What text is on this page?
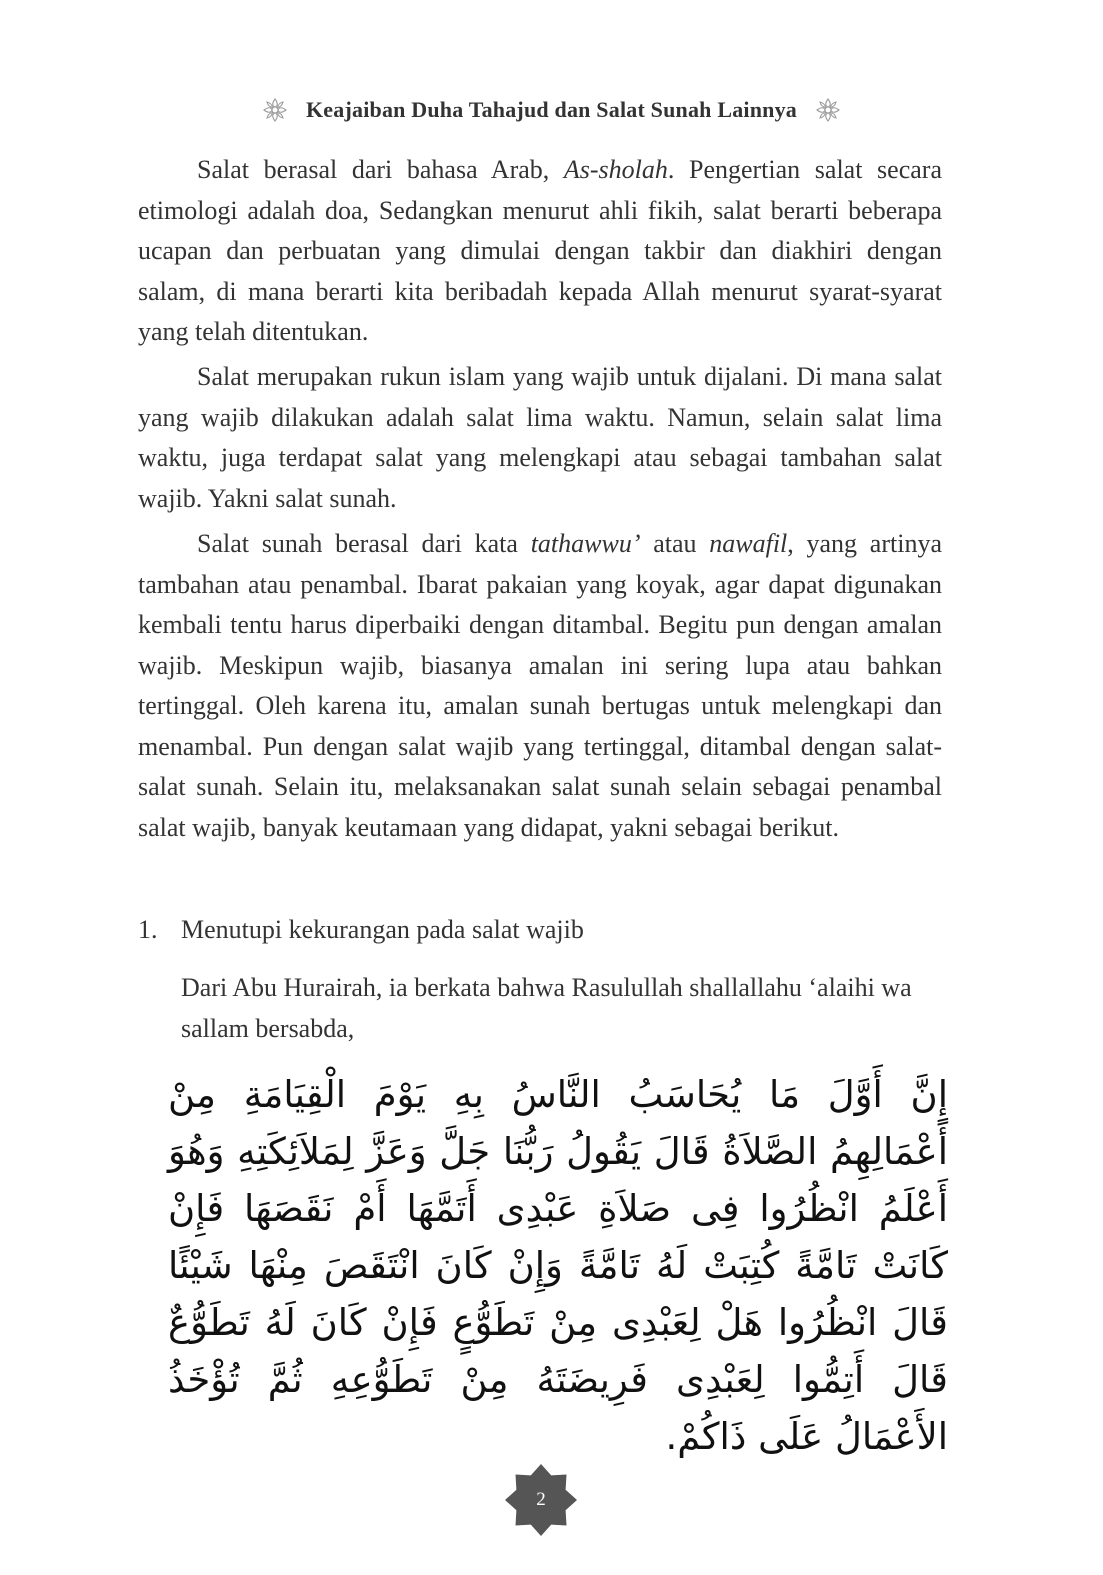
Keajaiban Duha Tahajud dan Salat Sunah Lainnya

Salat berasal dari bahasa Arab, As-sholah. Pengertian salat secara etimologi adalah doa, Sedangkan menurut ahli fikih, salat berarti beberapa ucapan dan perbuatan yang dimulai dengan takbir dan diakhiri dengan salam, di mana berarti kita beribadah kepada Allah menurut syarat-syarat yang telah ditentukan.

Salat merupakan rukun islam yang wajib untuk dijalani. Di mana salat yang wajib dilakukan adalah salat lima waktu. Namun, selain salat lima waktu, juga terdapat salat yang melengkapi atau sebagai tambahan salat wajib. Yakni salat sunah.

Salat sunah berasal dari kata tathawwu’ atau nawafil, yang artinya tambahan atau penambal. Ibarat pakaian yang koyak, agar dapat digunakan kembali tentu harus diperbaiki dengan ditambal. Begitu pun dengan amalan wajib. Meskipun wajib, biasanya amalan ini sering lupa atau bahkan tertinggal. Oleh karena itu, amalan sunah bertugas untuk melengkapi dan menambal. Pun dengan salat wajib yang tertinggal, ditambal dengan salat-salat sunah. Selain itu, melaksanakan salat sunah selain sebagai penambal salat wajib, banyak keutamaan yang didapat, yakni sebagai berikut.

1. Menutupi kekurangan pada salat wajib
Dari Abu Hurairah, ia berkata bahwa Rasulullah shallallahu ‘alaihi wa sallam bersabda,
إِنَّ أَوَّلَ مَا يُحَاسَبُ النَّاسُ بِهِ يَوْمَ الْقِيَامَةِ مِنْ أَعْمَالِهِمُ الصَّلاَةُ قَالَ يَقُولُ رَبُّنَا جَلَّ وَعَزَّ لِمَلاَئِكَتِهِ وَهُوَ أَعْلَمُ انْظُرُوا فِى صَلاَةِ عَبْدِى أَتَمَّهَا أَمْ نَقَصَهَا فَإِنْ كَانَتْ تَامَّةً كُتِبَتْ لَهُ تَامَّةً وَإِنْ كَانَ انْتَقَصَ مِنْهَا شَيْئًا قَالَ انْظُرُوا هَلْ لِعَبْدِى مِنْ تَطَوُّعٍ فَإِنْ كَانَ لَهُ تَطَوُّعٌ قَالَ أَتِمُّوا لِعَبْدِى فَرِيضَتَهُ مِنْ تَطَوُّعِهِ ثُمَّ تُؤْخَذُ الأَعْمَالُ عَلَى ذَاكُمْ.
2
